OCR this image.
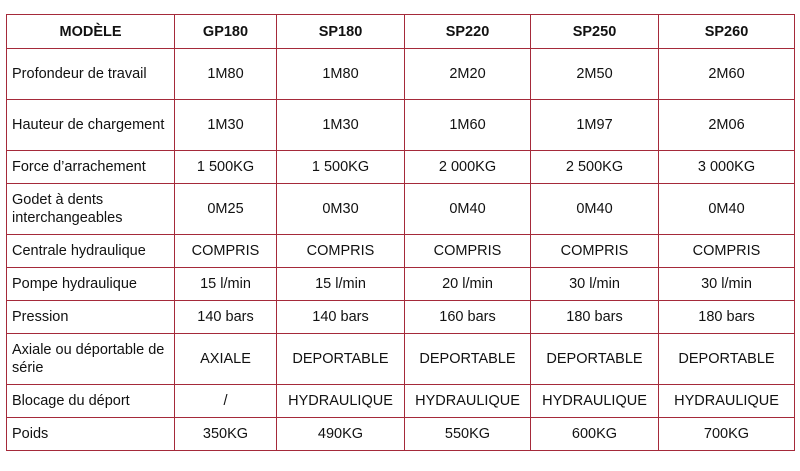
MODÈLE	GP180	SP180	SP220	SP250	SP260
Profondeur de travail	1M80	1M80	2M20	2M50	2M60
Hauteur de chargement	1M30	1M30	1M60	1M97	2M06
Force d’arrachement	1 500KG	1 500KG	2 000KG	2 500KG	3 000KG
Godet à dents interchangeables	0M25	0M30	0M40	0M40	0M40
Centrale hydraulique	COMPRIS	COMPRIS	COMPRIS	COMPRIS	COMPRIS
Pompe hydraulique	15 l/min	15 l/min	20 l/min	30 l/min	30 l/min
Pression	140 bars	140 bars	160 bars	180 bars	180 bars
Axiale ou déportable de série	AXIALE	DEPORTABLE	DEPORTABLE	DEPORTABLE	DEPORTABLE
Blocage du déport	/	HYDRAULIQUE	HYDRAULIQUE	HYDRAULIQUE	HYDRAULIQUE
Poids	350KG	490KG	550KG	600KG	700KG
